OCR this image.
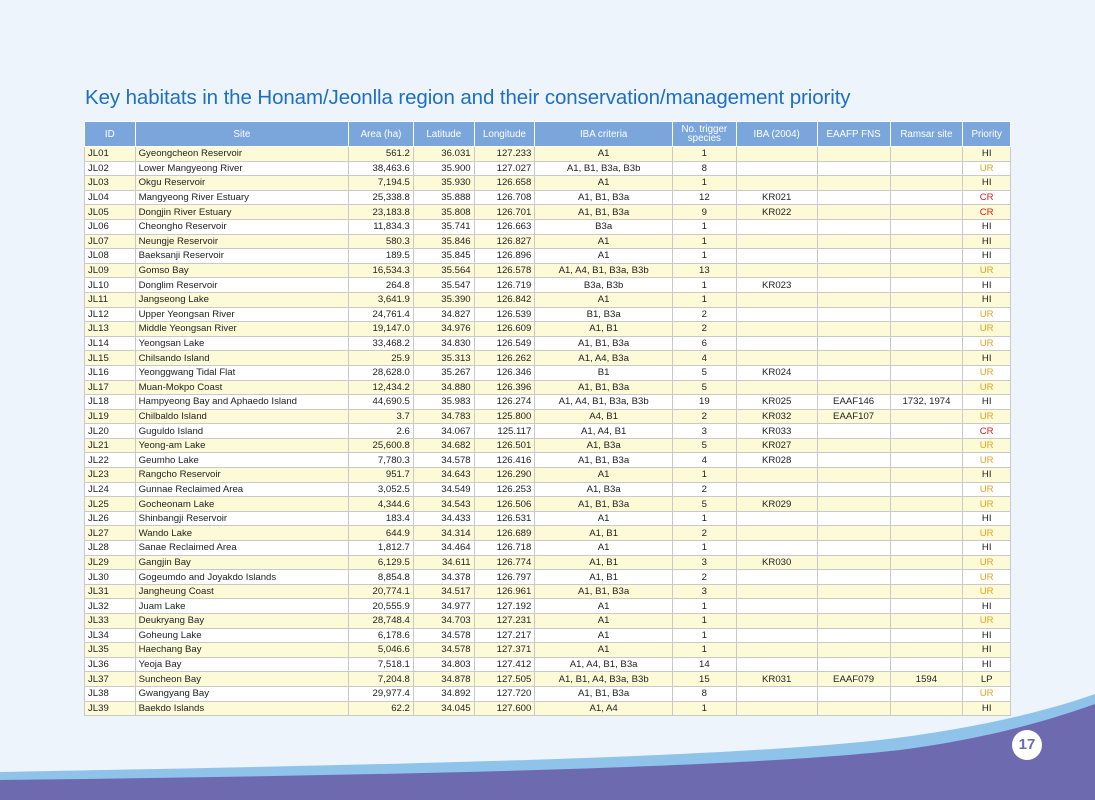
Key habitats in the Honam/Jeonlla region and their conservation/management priority
ID	Site	Area (ha)	Latitude	Longitude	IBA criteria	No. trigger species	IBA (2004)	EAAFP FNS	Ramsar site	Priority
JL01	Gyeongcheon Reservoir	561.2	36.031	127.233	A1	1				HI
JL02	Lower Mangyeong River	38,463.6	35.900	127.027	A1, B1, B3a, B3b	8				UR
JL03	Okgu Reservoir	7,194.5	35.930	126.658	A1	1				HI
JL04	Mangyeong River Estuary	25,338.8	35.888	126.708	A1, B1, B3a	12	KR021			CR
JL05	Dongjin River Estuary	23,183.8	35.808	126.701	A1, B1, B3a	9	KR022			CR
JL06	Cheongho Reservoir	11,834.3	35.741	126.663	B3a	1				HI
JL07	Neungje Reservoir	580.3	35.846	126.827	A1	1				HI
JL08	Baeksanji Reservoir	189.5	35.845	126.896	A1	1				HI
JL09	Gomso Bay	16,534.3	35.564	126.578	A1, A4, B1, B3a, B3b	13				UR
JL10	Donglim Reservoir	264.8	35.547	126.719	B3a, B3b	1	KR023			HI
JL11	Jangseong Lake	3,641.9	35.390	126.842	A1	1				HI
JL12	Upper Yeongsan River	24,761.4	34.827	126.539	B1, B3a	2				UR
JL13	Middle Yeongsan River	19,147.0	34.976	126.609	A1, B1	2				UR
JL14	Yeongsan Lake	33,468.2	34.830	126.549	A1, B1, B3a	6				UR
JL15	Chilsando Island	25.9	35.313	126.262	A1, A4, B3a	4				HI
JL16	Yeonggwang Tidal Flat	28,628.0	35.267	126.346	B1	5	KR024			UR
JL17	Muan-Mokpo Coast	12,434.2	34.880	126.396	A1, B1, B3a	5				UR
JL18	Hampyeong Bay and Aphaedo Island	44,690.5	35.983	126.274	A1, A4, B1, B3a, B3b	19	KR025	EAAF146	1732, 1974	HI
JL19	Chilbaldo Island	3.7	34.783	125.800	A4, B1	2	KR032	EAAF107		UR
JL20	Guguldo Island	2.6	34.067	125.117	A1, A4, B1	3	KR033			CR
JL21	Yeong-am Lake	25,600.8	34.682	126.501	A1, B3a	5	KR027			UR
JL22	Geumho Lake	7,780.3	34.578	126.416	A1, B1, B3a	4	KR028			UR
JL23	Rangcho Reservoir	951.7	34.643	126.290	A1	1				HI
JL24	Gunnae Reclaimed Area	3,052.5	34.549	126.253	A1, B3a	2				UR
JL25	Gocheonam Lake	4,344.6	34.543	126.506	A1, B1, B3a	5	KR029			UR
JL26	Shinbangji Reservoir	183.4	34.433	126.531	A1	1				HI
JL27	Wando Lake	644.9	34.314	126.689	A1, B1	2				UR
JL28	Sanae Reclaimed Area	1,812.7	34.464	126.718	A1	1				HI
JL29	Gangjin Bay	6,129.5	34.611	126.774	A1, B1	3	KR030			UR
JL30	Gogeumdo and Joyakdo Islands	8,854.8	34.378	126.797	A1, B1	2				UR
JL31	Jangheung Coast	20,774.1	34.517	126.961	A1, B1, B3a	3				UR
JL32	Juam Lake	20,555.9	34.977	127.192	A1	1				HI
JL33	Deukryang Bay	28,748.4	34.703	127.231	A1	1				UR
JL34	Goheung Lake	6,178.6	34.578	127.217	A1	1				HI
JL35	Haechang Bay	5,046.6	34.578	127.371	A1	1				HI
JL36	Yeoja Bay	7,518.1	34.803	127.412	A1, A4, B1, B3a	14				HI
JL37	Suncheon Bay	7,204.8	34.878	127.505	A1, B1, A4, B3a, B3b	15	KR031	EAAF079	1594	LP
JL38	Gwangyang Bay	29,977.4	34.892	127.720	A1, B1, B3a	8				UR
JL39	Baekdo Islands	62.2	34.045	127.600	A1, A4	1				HI
17
